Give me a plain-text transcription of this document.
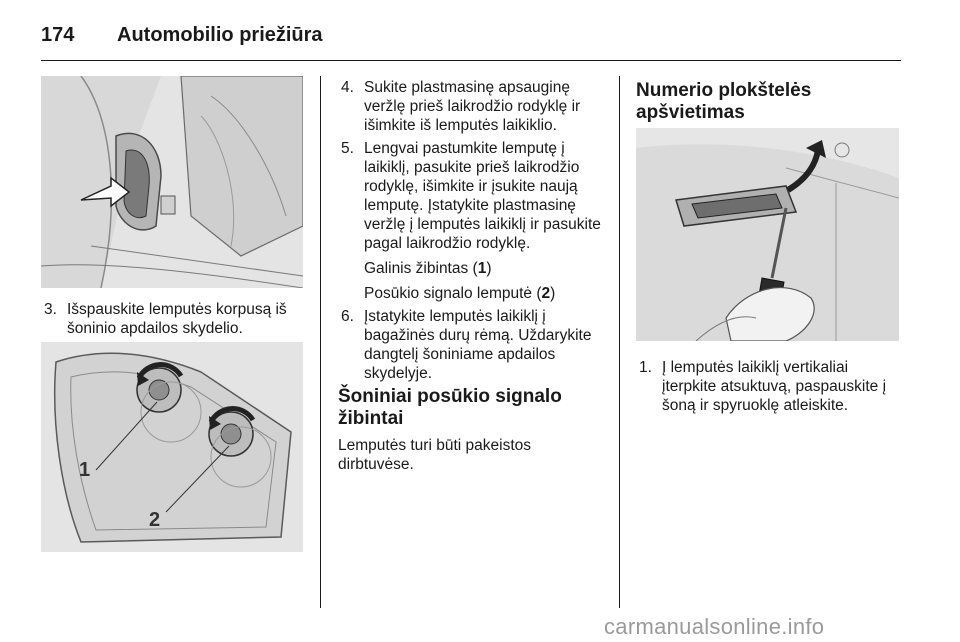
174 Automobilio priežiūra
3. Išspauskite lemputės korpusą iš šoninio apdailos skydelio.
1
2
4. Sukite plastmasinę apsauginę veržlę prieš laikrodžio rodyklę ir išimkite iš lemputės laikiklio.
5. Lengvai pastumkite lemputę į laikiklį, pasukite prieš laikrodžio rodyklę, išimkite ir įsukite naują lemputę. Įstatykite plastmasinę veržlę į lemputės laikiklį ir pasukite pagal laikrodžio rodyklę.
Galinis žibintas (1)
Posūkio signalo lemputė (2)
6. Įstatykite lemputės laikiklį į bagažinės durų rėmą. Uždarykite dangtelį šoniniame apdailos skydelyje.
Šoniniai posūkio signalo žibintai

Lemputės turi būti pakeistos dirbtuvėse.

Numerio plokštelės apšvietimas
1. Į lemputės laikiklį vertikaliai įterpkite atsuktuvą, paspauskite į šoną ir spyruoklę atleiskite.
carmanualsonline.info
